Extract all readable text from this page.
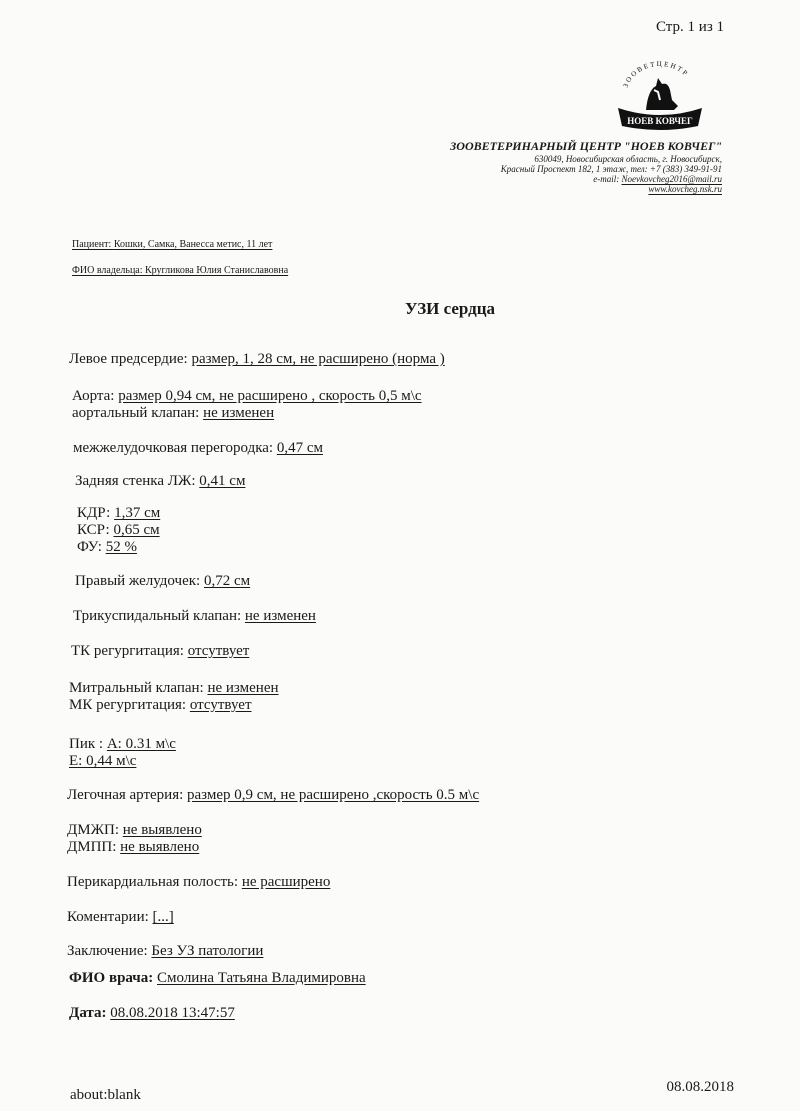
Стр. 1 из 1
ЗООВЕТЦЕНТР
НОЕВ КОВЧЕГ
ЗООВЕТЕРИНАРНЫЙ ЦЕНТР "НОЕВ КОВЧЕГ"
630049, Новосибирская область, г. Новосибирск,
Красный Проспект 182, 1 этаж, тел: +7 (383) 349-91-91
e-mail: Noevkovcheg2016@mail.ru
www.kovcheg.nsk.ru
Пациент: Кошки, Самка, Ванесса метис, 11 лет
ФИО владельца: Кругликова Юлия Станиславовна
УЗИ сердца
Левое предсердие: размер, 1, 28 см, не расширено (норма )
Аорта: размер 0,94 см, не расширено , скорость 0,5 м\с
аортальный клапан: не изменен
межжелудочковая перегородка: 0,47 см
Задняя стенка ЛЖ: 0,41 см
КДР: 1,37 см
КСР: 0,65 см
ФУ: 52 %
Правый желудочек: 0,72 см
Трикуспидальный клапан: не изменен
ТК регургитация: отсутвует
Митральный клапан: не изменен
МК регургитация: отсутвует
Пик : А: 0.31 м\с
Е: 0,44 м\с
Легочная артерия: размер 0,9 см, не расширено ,скорость 0.5 м\с
ДМЖП: не выявлено
ДМПП: не выявлено
Перикардиальная полость: не расширено
Коментарии: [...]
Заключение: Без УЗ патологии
ФИО врача: Смолина Татьяна Владимировна
Дата: 08.08.2018 13:47:57
about:blank	08.08.2018
